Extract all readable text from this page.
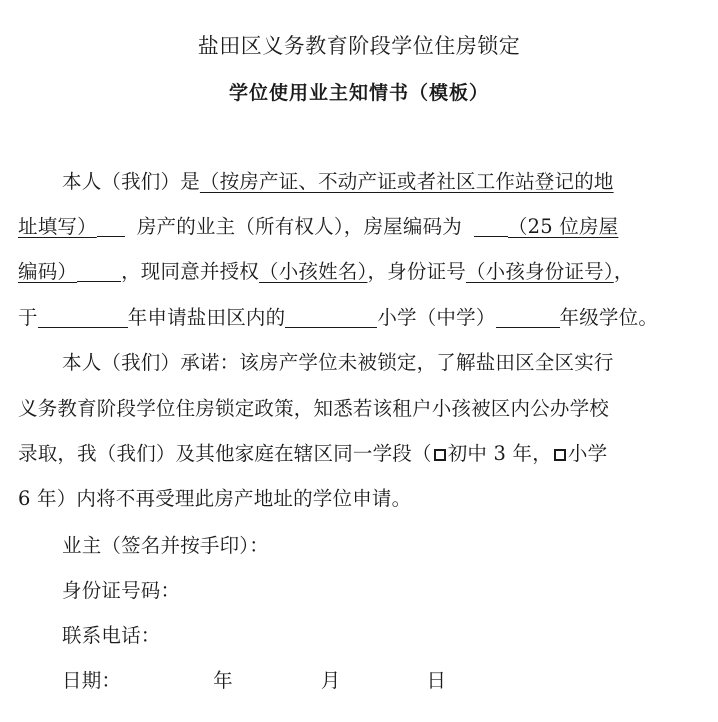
盐田区义务教育阶段学位住房锁定
学位使用业主知情书（模板）
本人（我们）是（按房产证、不动产证或者社区工作站登记的地
址填写） 房产的业主（所有权人），房屋编码为 （25 位房屋
编码） ，现同意并授权（小孩姓名），身份证号（小孩身份证号），
于	年申请盐田区内的	小学（中学）	年级学位。
本人（我们）承诺：该房产学位未被锁定，了解盐田区全区实行
义务教育阶段学位住房锁定政策，知悉若该租户小孩被区内公办学校
录取，我（我们）及其他家庭在辖区同一学段（ 初中 3 年， 小学
6 年）内将不再受理此房产地址的学位申请。
业主（签名并按手印）：
身份证号码：
联系电话：
日期：	年	月	日
